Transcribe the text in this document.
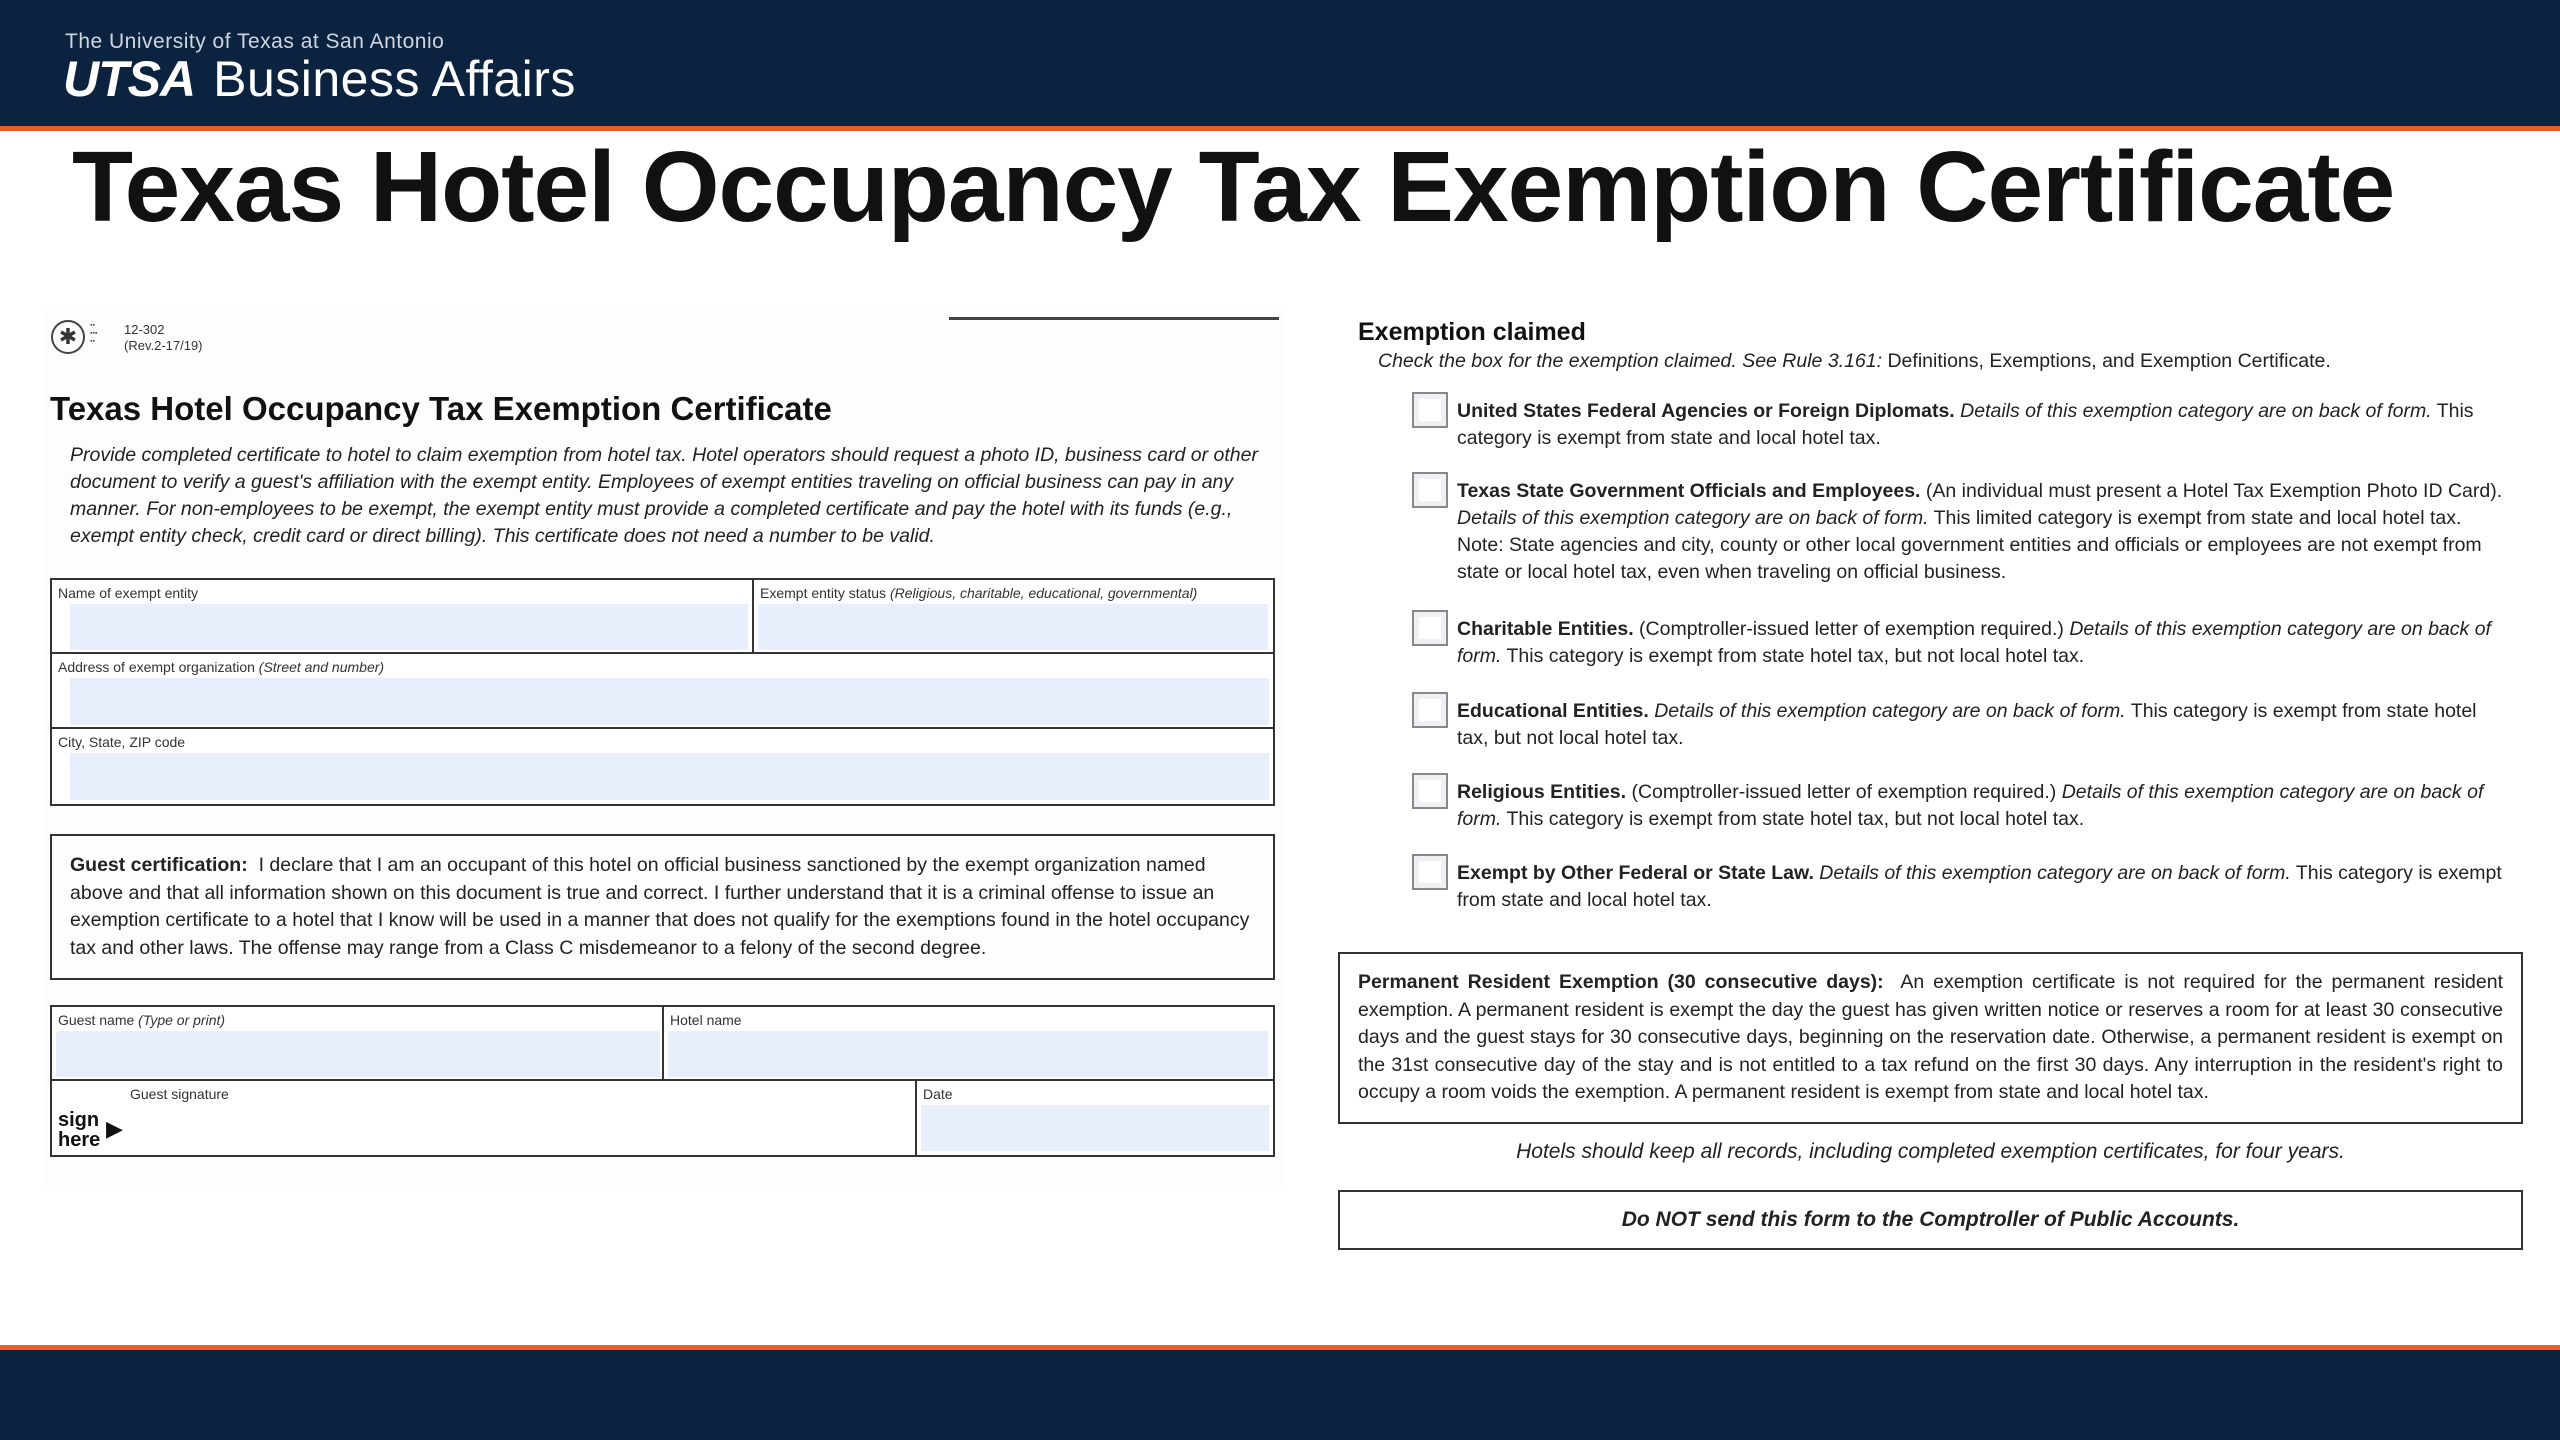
The University of Texas at San Antonio
UTSA Business Affairs
Texas Hotel Occupancy Tax Exemption Certificate
✱	▪▪
▪▪▪
▪▪
12-302
(Rev.2-17/19)
Texas Hotel Occupancy Tax Exemption Certificate
Provide completed certificate to hotel to claim exemption from hotel tax. Hotel operators should request a photo ID, business card or other document to verify a guest's affiliation with the exempt entity. Employees of exempt entities traveling on official business can pay in any manner. For non-employees to be exempt, the exempt entity must provide a completed certificate and pay the hotel with its funds (e.g., exempt entity check, credit card or direct billing). This certificate does not need a number to be valid.
Name of exempt entity	Exempt entity status (Religious, charitable, educational, governmental)
Address of exempt organization (Street and number)
City, State, ZIP code
Guest certification: I declare that I am an occupant of this hotel on official business sanctioned by the exempt organization named above and that all information shown on this document is true and correct. I further understand that it is a criminal offense to issue an exemption certificate to a hotel that I know will be used in a manner that does not qualify for the exemptions found in the hotel occupancy tax and other laws. The offense may range from a Class C misdemeanor to a felony of the second degree.
Guest name (Type or print)	Hotel name
Guest signature	Date
sign
here ▶
Exemption claimed
Check the box for the exemption claimed. See Rule 3.161: Definitions, Exemptions, and Exemption Certificate.
United States Federal Agencies or Foreign Diplomats. Details of this exemption category are on back of form. This category is exempt from state and local hotel tax.
Texas State Government Officials and Employees. (An individual must present a Hotel Tax Exemption Photo ID Card). Details of this exemption category are on back of form. This limited category is exempt from state and local hotel tax. Note: State agencies and city, county or other local government entities and officials or employees are not exempt from state or local hotel tax, even when traveling on official business.
Charitable Entities. (Comptroller-issued letter of exemption required.) Details of this exemption category are on back of form. This category is exempt from state hotel tax, but not local hotel tax.
Educational Entities. Details of this exemption category are on back of form. This category is exempt from state hotel tax, but not local hotel tax.
Religious Entities. (Comptroller-issued letter of exemption required.) Details of this exemption category are on back of form. This category is exempt from state hotel tax, but not local hotel tax.
Exempt by Other Federal or State Law. Details of this exemption category are on back of form. This category is exempt from state and local hotel tax.
Permanent Resident Exemption (30 consecutive days): An exemption certificate is not required for the permanent resident exemption. A permanent resident is exempt the day the guest has given written notice or reserves a room for at least 30 consecutive days and the guest stays for 30 consecutive days, beginning on the reservation date. Otherwise, a permanent resident is exempt on the 31st consecutive day of the stay and is not entitled to a tax refund on the first 30 days. Any interruption in the resident's right to occupy a room voids the exemption. A permanent resident is exempt from state and local hotel tax.
Hotels should keep all records, including completed exemption certificates, for four years.
Do NOT send this form to the Comptroller of Public Accounts.
